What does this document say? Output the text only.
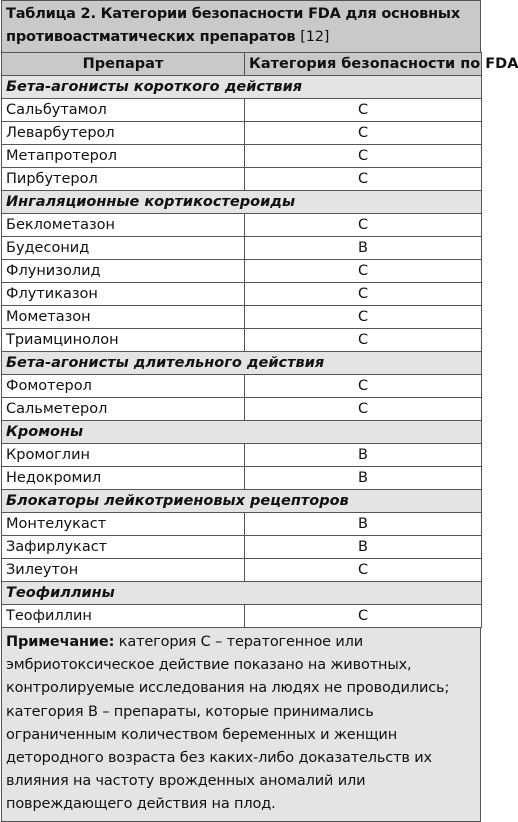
Таблица 2. Категории безопасности FDA для основных противоастматических препаратов [12]
Препарат	Категория безопасности по FDA
Бета-агонисты короткого действия	
Сальбутамол	C
Леварбутерол	C
Метапротерол	C
Пирбутерол	C
Ингаляционные кортикостероиды	
Беклометазон	C
Будесонид	B
Флунизолид	C
Флутиказон	C
Мометазон	C
Триамцинолон	C
Бета-агонисты длительного действия	
Фомотерол	C
Сальметерол	C
Кромоны	
Кромоглин	B
Недокромил	B
Блокаторы лейкотриеновых рецепторов	
Монтелукаст	B
Зафирлукаст	B
Зилеутон	C
Теофиллины	
Теофиллин	C
Примечание: категория С – тератогенное или эмбриотоксическое действие показано на животных, контролируемые исследования на людях не проводились; категория В – препараты, которые принимались ограниченным количеством беременных и женщин детородного возраста без каких-либо доказательств их влияния на частоту врожденных аномалий или повреждающего действия на плод.
